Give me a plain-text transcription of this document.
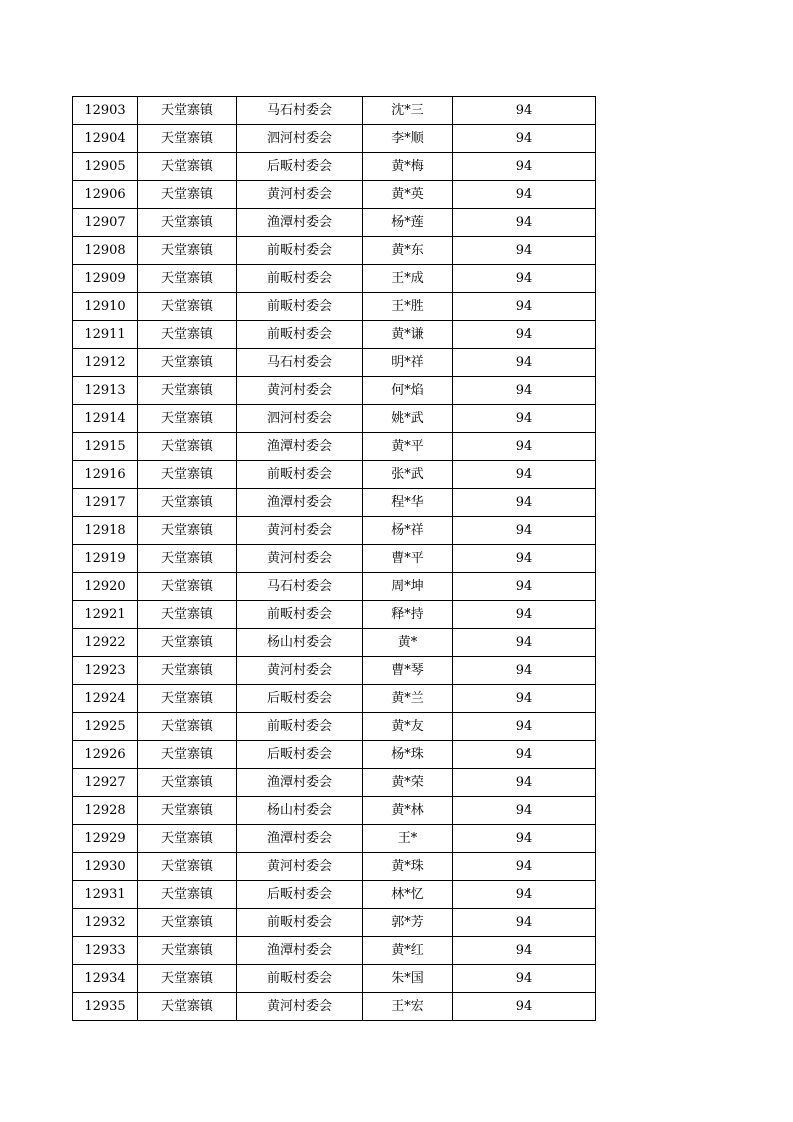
12903	天堂寨镇	马石村委会	沈*三	94
12904	天堂寨镇	泗河村委会	李*顺	94
12905	天堂寨镇	后畈村委会	黄*梅	94
12906	天堂寨镇	黄河村委会	黄*英	94
12907	天堂寨镇	渔潭村委会	杨*莲	94
12908	天堂寨镇	前畈村委会	黄*东	94
12909	天堂寨镇	前畈村委会	王*成	94
12910	天堂寨镇	前畈村委会	王*胜	94
12911	天堂寨镇	前畈村委会	黄*谦	94
12912	天堂寨镇	马石村委会	明*祥	94
12913	天堂寨镇	黄河村委会	何*焰	94
12914	天堂寨镇	泗河村委会	姚*武	94
12915	天堂寨镇	渔潭村委会	黄*平	94
12916	天堂寨镇	前畈村委会	张*武	94
12917	天堂寨镇	渔潭村委会	程*华	94
12918	天堂寨镇	黄河村委会	杨*祥	94
12919	天堂寨镇	黄河村委会	曹*平	94
12920	天堂寨镇	马石村委会	周*坤	94
12921	天堂寨镇	前畈村委会	释*持	94
12922	天堂寨镇	杨山村委会	黄*	94
12923	天堂寨镇	黄河村委会	曹*琴	94
12924	天堂寨镇	后畈村委会	黄*兰	94
12925	天堂寨镇	前畈村委会	黄*友	94
12926	天堂寨镇	后畈村委会	杨*珠	94
12927	天堂寨镇	渔潭村委会	黄*荣	94
12928	天堂寨镇	杨山村委会	黄*林	94
12929	天堂寨镇	渔潭村委会	王*	94
12930	天堂寨镇	黄河村委会	黄*珠	94
12931	天堂寨镇	后畈村委会	林*忆	94
12932	天堂寨镇	前畈村委会	郭*芳	94
12933	天堂寨镇	渔潭村委会	黄*红	94
12934	天堂寨镇	前畈村委会	朱*国	94
12935	天堂寨镇	黄河村委会	王*宏	94
